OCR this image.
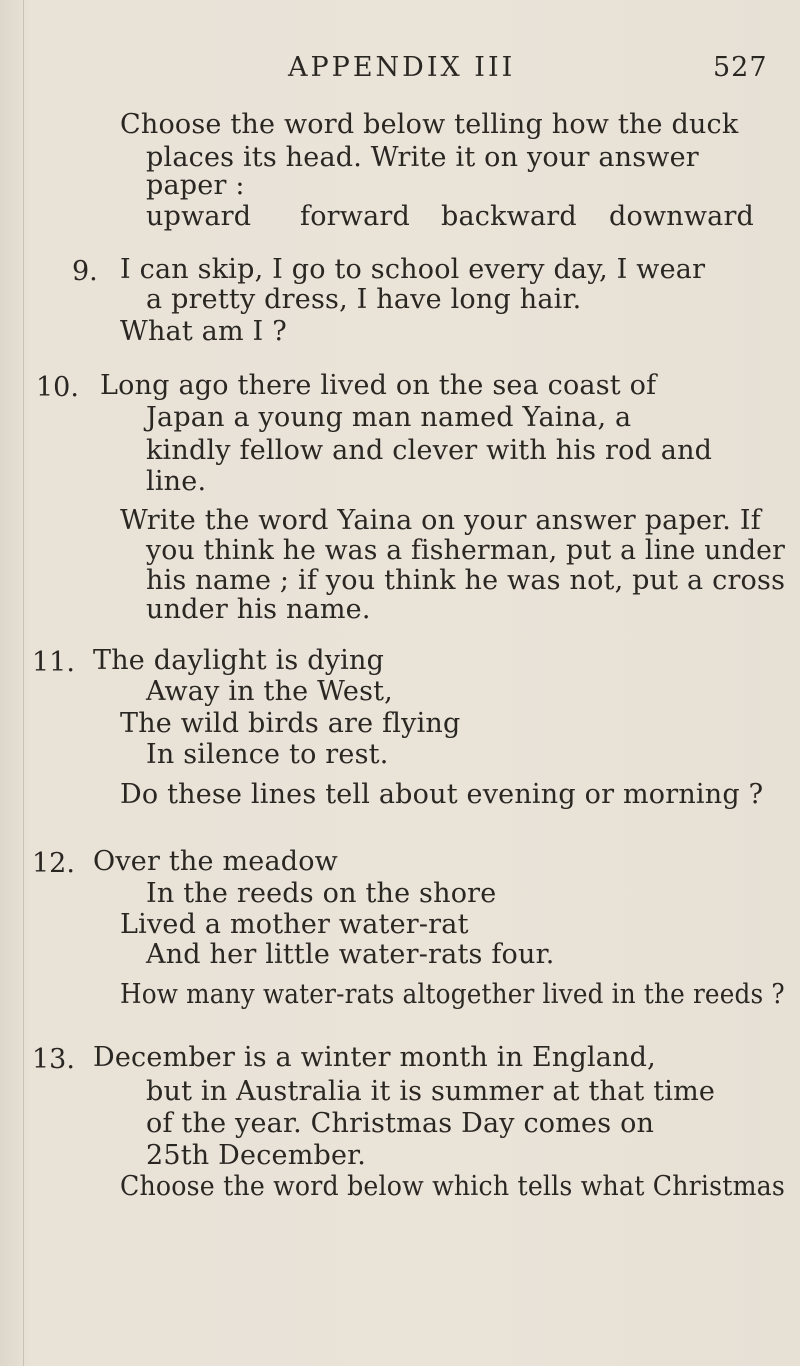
APPENDIX III	527
Choose the word below telling how the duck
places its head. Write it on your answer
paper :
upward forward backward downward
9. I can skip, I go to school every day, I wear
a pretty dress, I have long hair.
What am I ?
10. Long ago there lived on the sea coast of
Japan a young man named Yaina, a
kindly fellow and clever with his rod and
line.
Write the word Yaina on your answer paper. If
you think he was a fisherman, put a line under
his name ; if you think he was not, put a cross
under his name.
11. The daylight is dying
Away in the West,
The wild birds are flying
In silence to rest.
Do these lines tell about evening or morning ?
12. Over the meadow
In the reeds on the shore
Lived a mother water-rat
And her little water-rats four.
How many water-rats altogether lived in the reeds ?
13. December is a winter month in England,
but in Australia it is summer at that time
of the year. Christmas Day comes on
25th December.
Choose the word below which tells what Christmas
